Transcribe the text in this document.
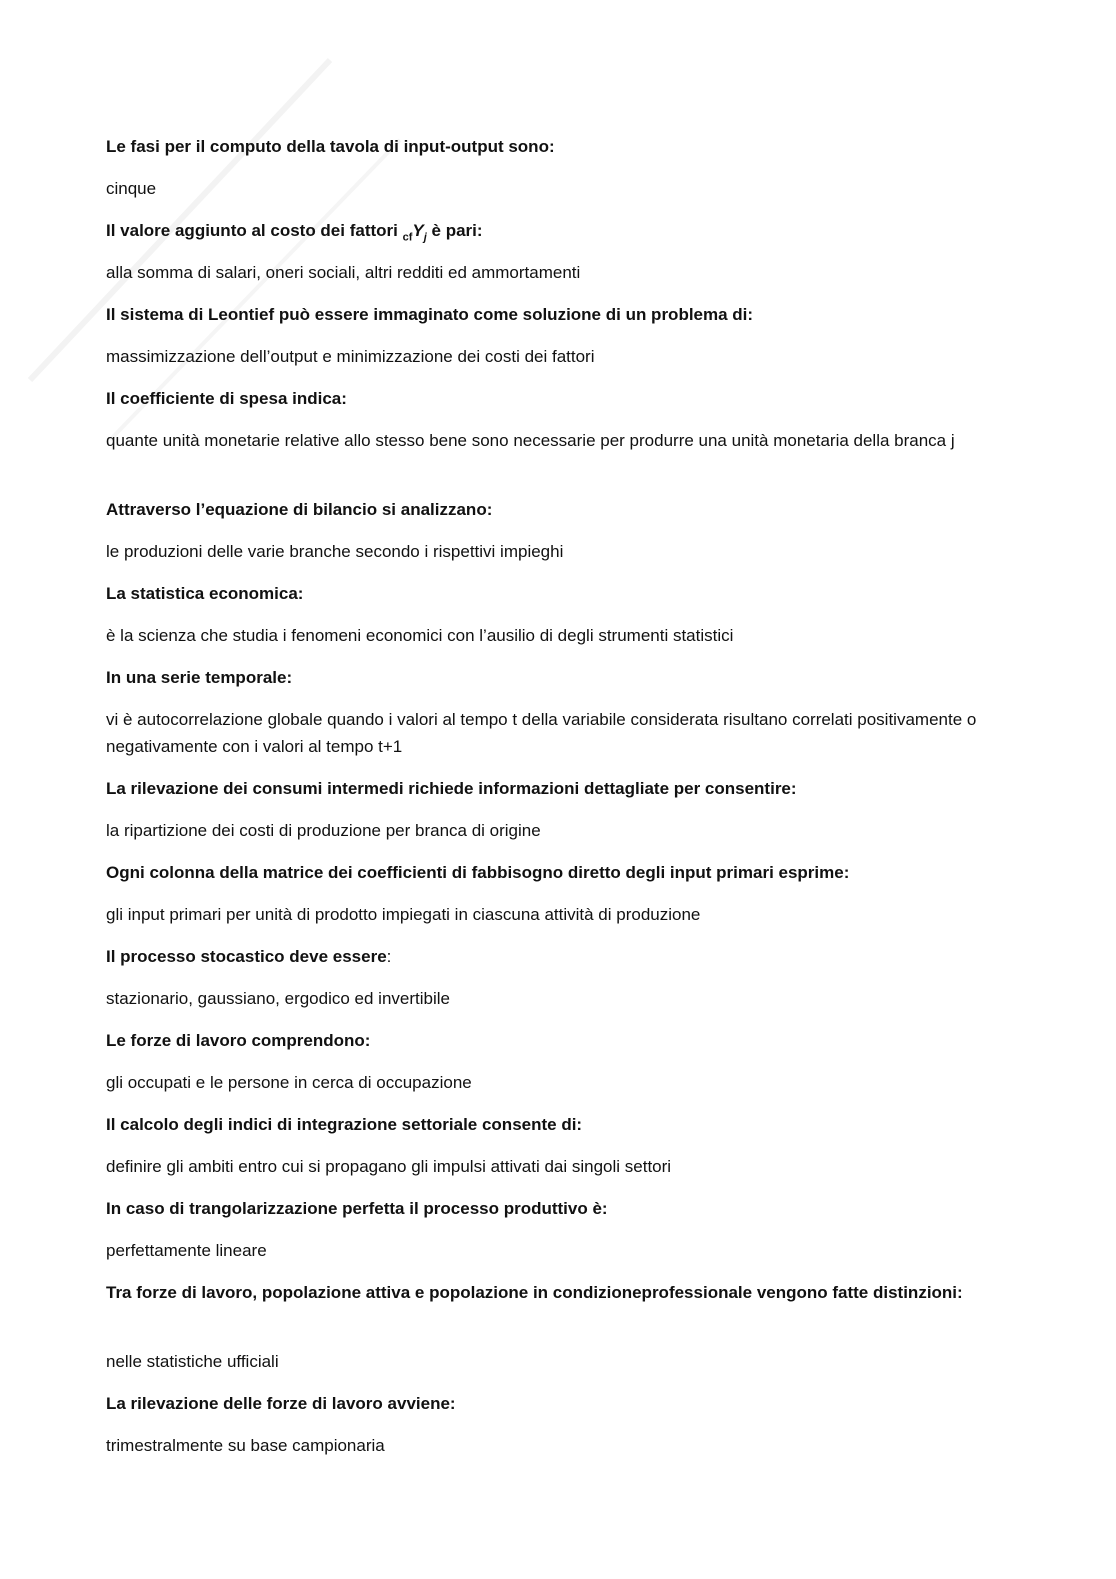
Le fasi per il computo della tavola di input-output sono:

cinque

Il valore aggiunto al costo dei fattori $_{cf}Y_j$ è pari:

alla somma di salari, oneri sociali, altri redditi ed ammortamenti

Il sistema di Leontief può essere immaginato come soluzione di un problema di:

massimizzazione dell’output e minimizzazione dei costi dei fattori

Il coefficiente di spesa indica:

quante unità monetarie relative allo stesso bene sono necessarie per produrre una unità monetaria della branca j

Attraverso l’equazione di bilancio si analizzano:

le produzioni delle varie branche secondo i rispettivi impieghi

La statistica economica:

è la scienza che studia i fenomeni economici con l’ausilio di degli strumenti statistici

In una serie temporale:

vi è autocorrelazione globale quando i valori al tempo t della variabile considerata risultano correlati positivamente o negativamente con i valori al tempo t+1

La rilevazione dei consumi intermedi richiede informazioni dettagliate per consentire:

la ripartizione dei costi di produzione per branca di origine

Ogni colonna della matrice dei coefficienti di fabbisogno diretto degli input primari esprime:

gli input primari per unità di prodotto impiegati in ciascuna attività di produzione

Il processo stocastico deve essere:

stazionario, gaussiano, ergodico ed invertibile

Le forze di lavoro comprendono:

gli occupati e le persone in cerca di occupazione

Il calcolo degli indici di integrazione settoriale consente di:

definire gli ambiti entro cui si propagano gli impulsi attivati dai singoli settori

In caso di trangolarizzazione perfetta il processo produttivo è:

perfettamente lineare

Tra forze di lavoro, popolazione attiva e popolazione in condizioneprofessionale vengono fatte distinzioni:

nelle statistiche ufficiali

La rilevazione delle forze di lavoro avviene:

trimestralmente su base campionaria
